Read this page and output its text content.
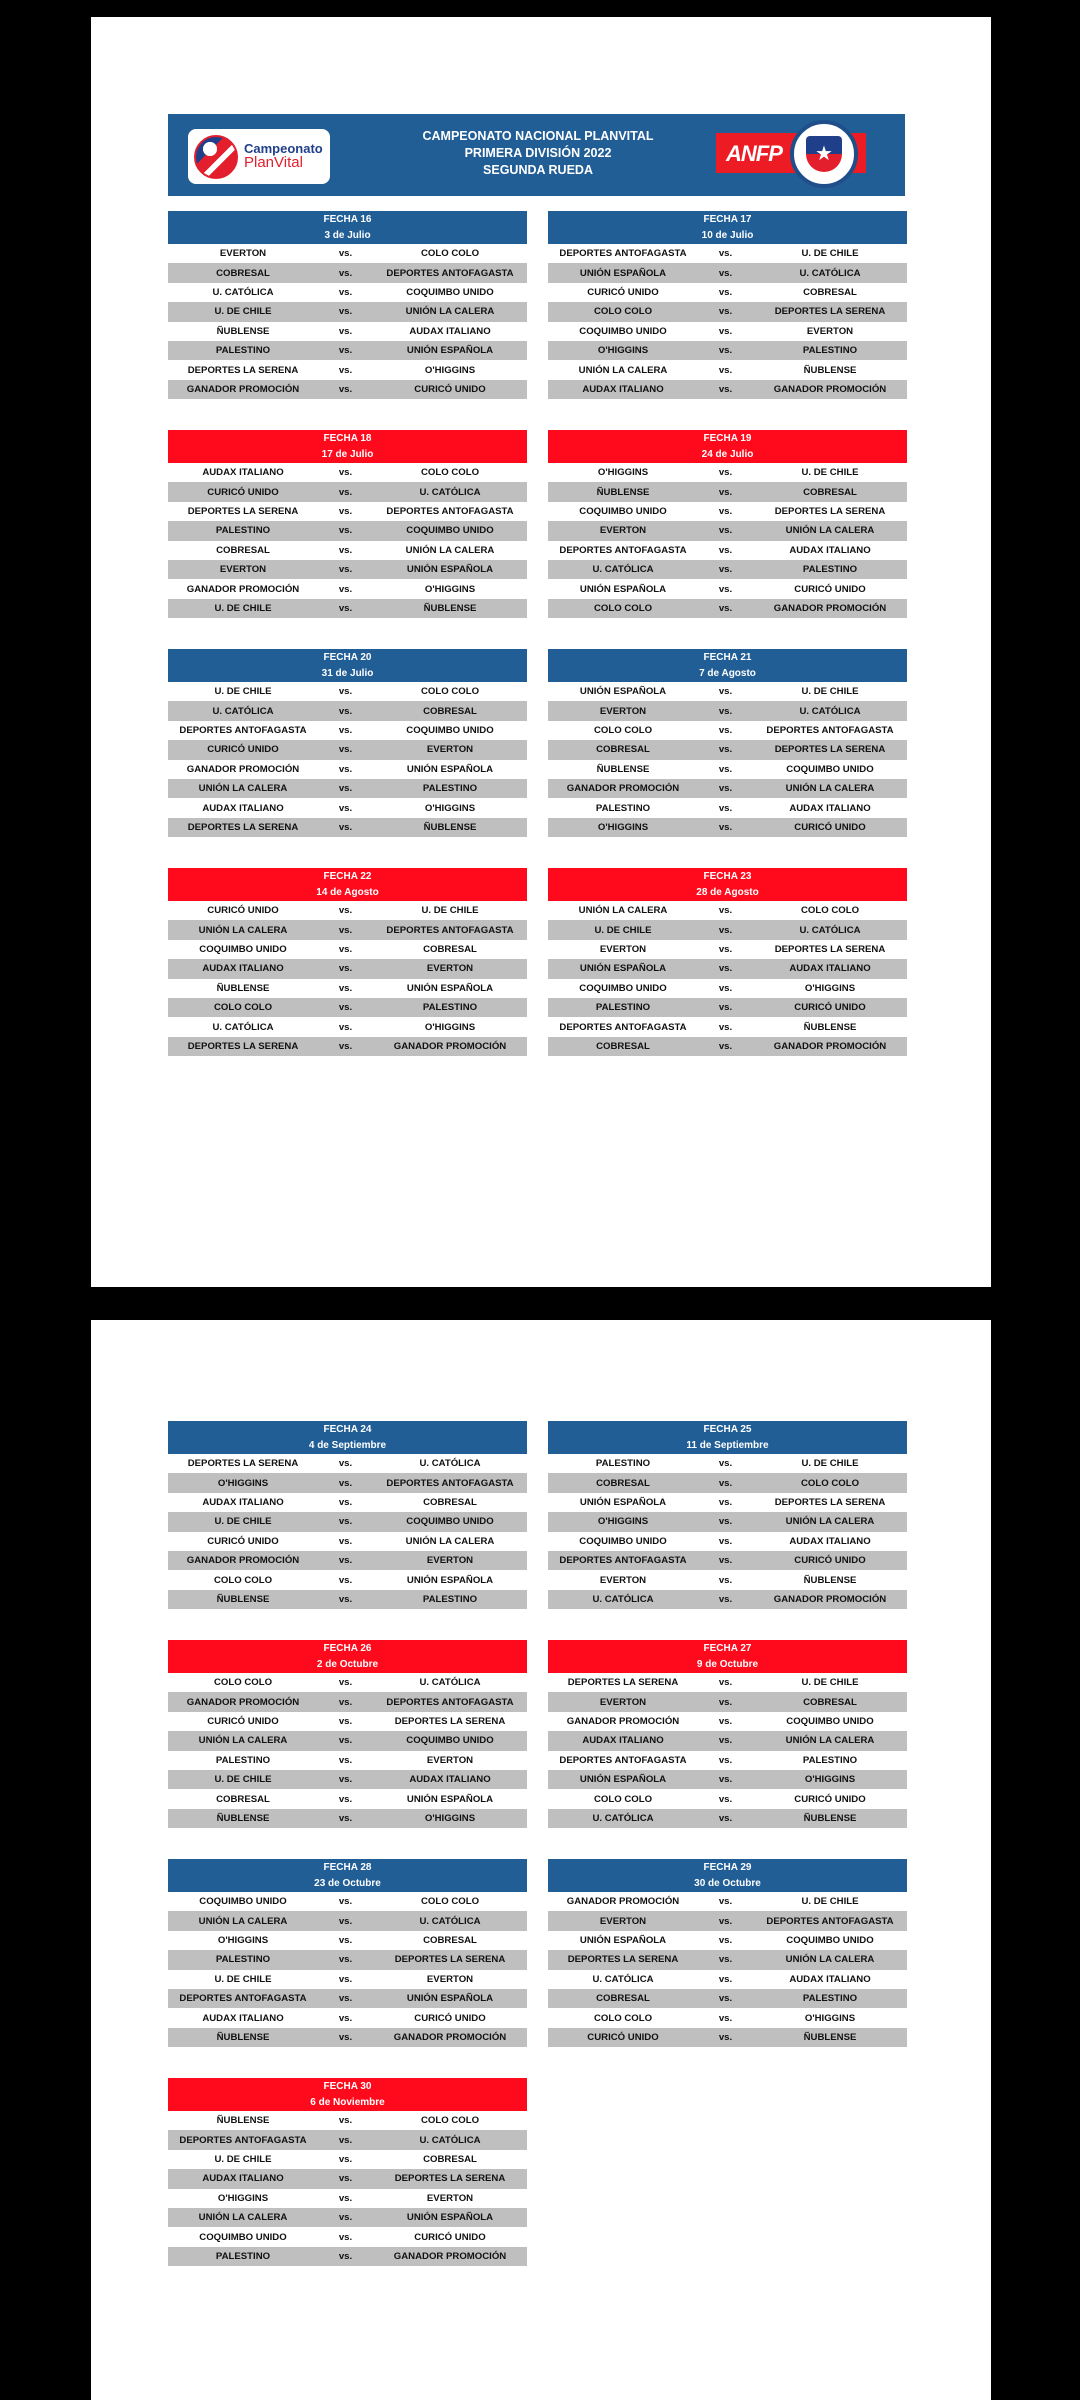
Campeonato
PlanVital
CAMPEONATO NACIONAL PLANVITAL
PRIMERA DIVISIÓN 2022
SEGUNDA RUEDA
ANFP	★
FECHA 16
3 de Julio
EVERTON	vs.	COLO COLO
COBRESAL	vs.	DEPORTES ANTOFAGASTA
U. CATÓLICA	vs.	COQUIMBO UNIDO
U. DE CHILE	vs.	UNIÓN LA CALERA
ÑUBLENSE	vs.	AUDAX ITALIANO
PALESTINO	vs.	UNIÓN ESPAÑOLA
DEPORTES LA SERENA	vs.	O'HIGGINS
GANADOR PROMOCIÓN	vs.	CURICÓ UNIDO
FECHA 17
10 de Julio
DEPORTES ANTOFAGASTA	vs.	U. DE CHILE
UNIÓN ESPAÑOLA	vs.	U. CATÓLICA
CURICÓ UNIDO	vs.	COBRESAL
COLO COLO	vs.	DEPORTES LA SERENA
COQUIMBO UNIDO	vs.	EVERTON
O'HIGGINS	vs.	PALESTINO
UNIÓN LA CALERA	vs.	ÑUBLENSE
AUDAX ITALIANO	vs.	GANADOR PROMOCIÓN
FECHA 18
17 de Julio
AUDAX ITALIANO	vs.	COLO COLO
CURICÓ UNIDO	vs.	U. CATÓLICA
DEPORTES LA SERENA	vs.	DEPORTES ANTOFAGASTA
PALESTINO	vs.	COQUIMBO UNIDO
COBRESAL	vs.	UNIÓN LA CALERA
EVERTON	vs.	UNIÓN ESPAÑOLA
GANADOR PROMOCIÓN	vs.	O'HIGGINS
U. DE CHILE	vs.	ÑUBLENSE
FECHA 19
24 de Julio
O'HIGGINS	vs.	U. DE CHILE
ÑUBLENSE	vs.	COBRESAL
COQUIMBO UNIDO	vs.	DEPORTES LA SERENA
EVERTON	vs.	UNIÓN LA CALERA
DEPORTES ANTOFAGASTA	vs.	AUDAX ITALIANO
U. CATÓLICA	vs.	PALESTINO
UNIÓN ESPAÑOLA	vs.	CURICÓ UNIDO
COLO COLO	vs.	GANADOR PROMOCIÓN
FECHA 20
31 de Julio
U. DE CHILE	vs.	COLO COLO
U. CATÓLICA	vs.	COBRESAL
DEPORTES ANTOFAGASTA	vs.	COQUIMBO UNIDO
CURICÓ UNIDO	vs.	EVERTON
GANADOR PROMOCIÓN	vs.	UNIÓN ESPAÑOLA
UNIÓN LA CALERA	vs.	PALESTINO
AUDAX ITALIANO	vs.	O'HIGGINS
DEPORTES LA SERENA	vs.	ÑUBLENSE
FECHA 21
7 de Agosto
UNIÓN ESPAÑOLA	vs.	U. DE CHILE
EVERTON	vs.	U. CATÓLICA
COLO COLO	vs.	DEPORTES ANTOFAGASTA
COBRESAL	vs.	DEPORTES LA SERENA
ÑUBLENSE	vs.	COQUIMBO UNIDO
GANADOR PROMOCIÓN	vs.	UNIÓN LA CALERA
PALESTINO	vs.	AUDAX ITALIANO
O'HIGGINS	vs.	CURICÓ UNIDO
FECHA 22
14 de Agosto
CURICÓ UNIDO	vs.	U. DE CHILE
UNIÓN LA CALERA	vs.	DEPORTES ANTOFAGASTA
COQUIMBO UNIDO	vs.	COBRESAL
AUDAX ITALIANO	vs.	EVERTON
ÑUBLENSE	vs.	UNIÓN ESPAÑOLA
COLO COLO	vs.	PALESTINO
U. CATÓLICA	vs.	O'HIGGINS
DEPORTES LA SERENA	vs.	GANADOR PROMOCIÓN
FECHA 23
28 de Agosto
UNIÓN LA CALERA	vs.	COLO COLO
U. DE CHILE	vs.	U. CATÓLICA
EVERTON	vs.	DEPORTES LA SERENA
UNIÓN ESPAÑOLA	vs.	AUDAX ITALIANO
COQUIMBO UNIDO	vs.	O'HIGGINS
PALESTINO	vs.	CURICÓ UNIDO
DEPORTES ANTOFAGASTA	vs.	ÑUBLENSE
COBRESAL	vs.	GANADOR PROMOCIÓN
FECHA 24
4 de Septiembre
DEPORTES LA SERENA	vs.	U. CATÓLICA
O'HIGGINS	vs.	DEPORTES ANTOFAGASTA
AUDAX ITALIANO	vs.	COBRESAL
U. DE CHILE	vs.	COQUIMBO UNIDO
CURICÓ UNIDO	vs.	UNIÓN LA CALERA
GANADOR PROMOCIÓN	vs.	EVERTON
COLO COLO	vs.	UNIÓN ESPAÑOLA
ÑUBLENSE	vs.	PALESTINO
FECHA 25
11 de Septiembre
PALESTINO	vs.	U. DE CHILE
COBRESAL	vs.	COLO COLO
UNIÓN ESPAÑOLA	vs.	DEPORTES LA SERENA
O'HIGGINS	vs.	UNIÓN LA CALERA
COQUIMBO UNIDO	vs.	AUDAX ITALIANO
DEPORTES ANTOFAGASTA	vs.	CURICÓ UNIDO
EVERTON	vs.	ÑUBLENSE
U. CATÓLICA	vs.	GANADOR PROMOCIÓN
FECHA 26
2 de Octubre
COLO COLO	vs.	U. CATÓLICA
GANADOR PROMOCIÓN	vs.	DEPORTES ANTOFAGASTA
CURICÓ UNIDO	vs.	DEPORTES LA SERENA
UNIÓN LA CALERA	vs.	COQUIMBO UNIDO
PALESTINO	vs.	EVERTON
U. DE CHILE	vs.	AUDAX ITALIANO
COBRESAL	vs.	UNIÓN ESPAÑOLA
ÑUBLENSE	vs.	O'HIGGINS
FECHA 27
9 de Octubre
DEPORTES LA SERENA	vs.	U. DE CHILE
EVERTON	vs.	COBRESAL
GANADOR PROMOCIÓN	vs.	COQUIMBO UNIDO
AUDAX ITALIANO	vs.	UNIÓN LA CALERA
DEPORTES ANTOFAGASTA	vs.	PALESTINO
UNIÓN ESPAÑOLA	vs.	O'HIGGINS
COLO COLO	vs.	CURICÓ UNIDO
U. CATÓLICA	vs.	ÑUBLENSE
FECHA 28
23 de Octubre
COQUIMBO UNIDO	vs.	COLO COLO
UNIÓN LA CALERA	vs.	U. CATÓLICA
O'HIGGINS	vs.	COBRESAL
PALESTINO	vs.	DEPORTES LA SERENA
U. DE CHILE	vs.	EVERTON
DEPORTES ANTOFAGASTA	vs.	UNIÓN ESPAÑOLA
AUDAX ITALIANO	vs.	CURICÓ UNIDO
ÑUBLENSE	vs.	GANADOR PROMOCIÓN
FECHA 29
30 de Octubre
GANADOR PROMOCIÓN	vs.	U. DE CHILE
EVERTON	vs.	DEPORTES ANTOFAGASTA
UNIÓN ESPAÑOLA	vs.	COQUIMBO UNIDO
DEPORTES LA SERENA	vs.	UNIÓN LA CALERA
U. CATÓLICA	vs.	AUDAX ITALIANO
COBRESAL	vs.	PALESTINO
COLO COLO	vs.	O'HIGGINS
CURICÓ UNIDO	vs.	ÑUBLENSE
FECHA 30
6 de Noviembre
ÑUBLENSE	vs.	COLO COLO
DEPORTES ANTOFAGASTA	vs.	U. CATÓLICA
U. DE CHILE	vs.	COBRESAL
AUDAX ITALIANO	vs.	DEPORTES LA SERENA
O'HIGGINS	vs.	EVERTON
UNIÓN LA CALERA	vs.	UNIÓN ESPAÑOLA
COQUIMBO UNIDO	vs.	CURICÓ UNIDO
PALESTINO	vs.	GANADOR PROMOCIÓN
